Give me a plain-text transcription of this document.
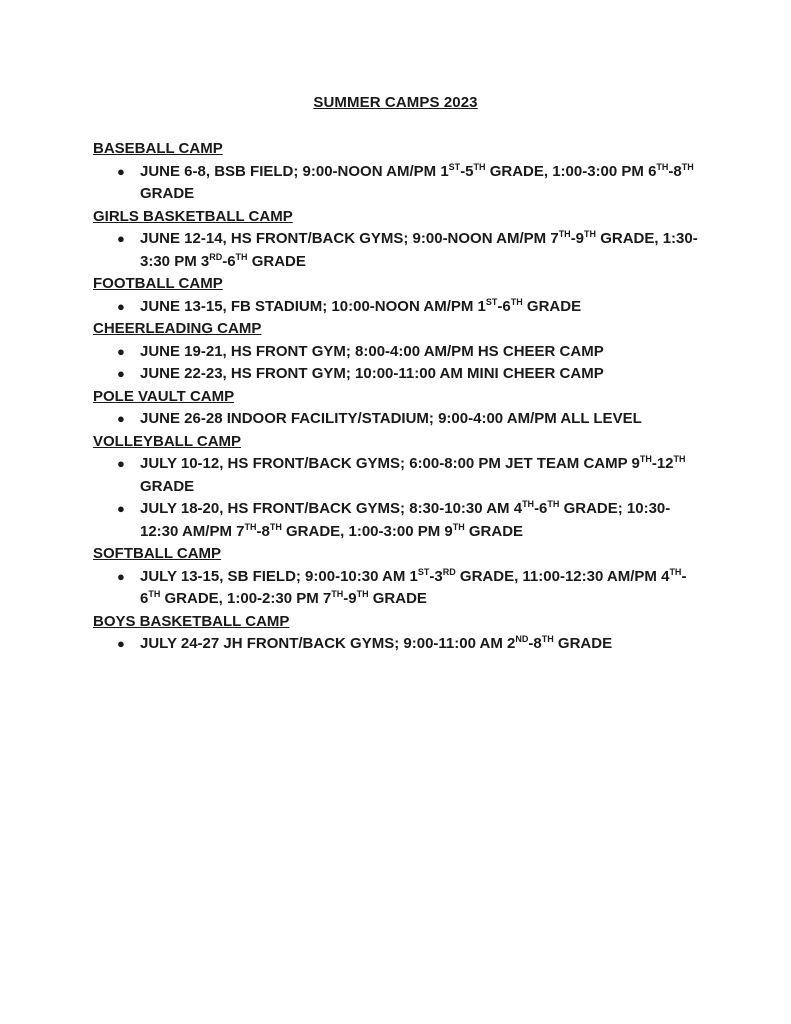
SUMMER CAMPS 2023
BASEBALL CAMP
● JUNE 6-8, BSB FIELD; 9:00-NOON AM/PM 1ST-5TH GRADE, 1:00-3:00 PM 6TH-8TH GRADE
GIRLS BASKETBALL CAMP
● JUNE 12-14, HS FRONT/BACK GYMS; 9:00-NOON AM/PM 7TH-9TH GRADE, 1:30-3:30 PM 3RD-6TH GRADE
FOOTBALL CAMP
● JUNE 13-15, FB STADIUM; 10:00-NOON AM/PM 1ST-6TH GRADE
CHEERLEADING CAMP
● JUNE 19-21, HS FRONT GYM; 8:00-4:00 AM/PM HS CHEER CAMP
● JUNE 22-23, HS FRONT GYM; 10:00-11:00 AM MINI CHEER CAMP
POLE VAULT CAMP
● JUNE 26-28 INDOOR FACILITY/STADIUM; 9:00-4:00 AM/PM ALL LEVEL
VOLLEYBALL CAMP
● JULY 10-12, HS FRONT/BACK GYMS; 6:00-8:00 PM JET TEAM CAMP 9TH-12TH GRADE
● JULY 18-20, HS FRONT/BACK GYMS; 8:30-10:30 AM 4TH-6TH GRADE; 10:30-12:30 AM/PM 7TH-8TH GRADE, 1:00-3:00 PM 9TH GRADE
SOFTBALL CAMP
● JULY 13-15, SB FIELD; 9:00-10:30 AM 1ST-3RD GRADE, 11:00-12:30 AM/PM 4TH-6TH GRADE, 1:00-2:30 PM 7TH-9TH GRADE
BOYS BASKETBALL CAMP
● JULY 24-27 JH FRONT/BACK GYMS; 9:00-11:00 AM 2ND-8TH GRADE
